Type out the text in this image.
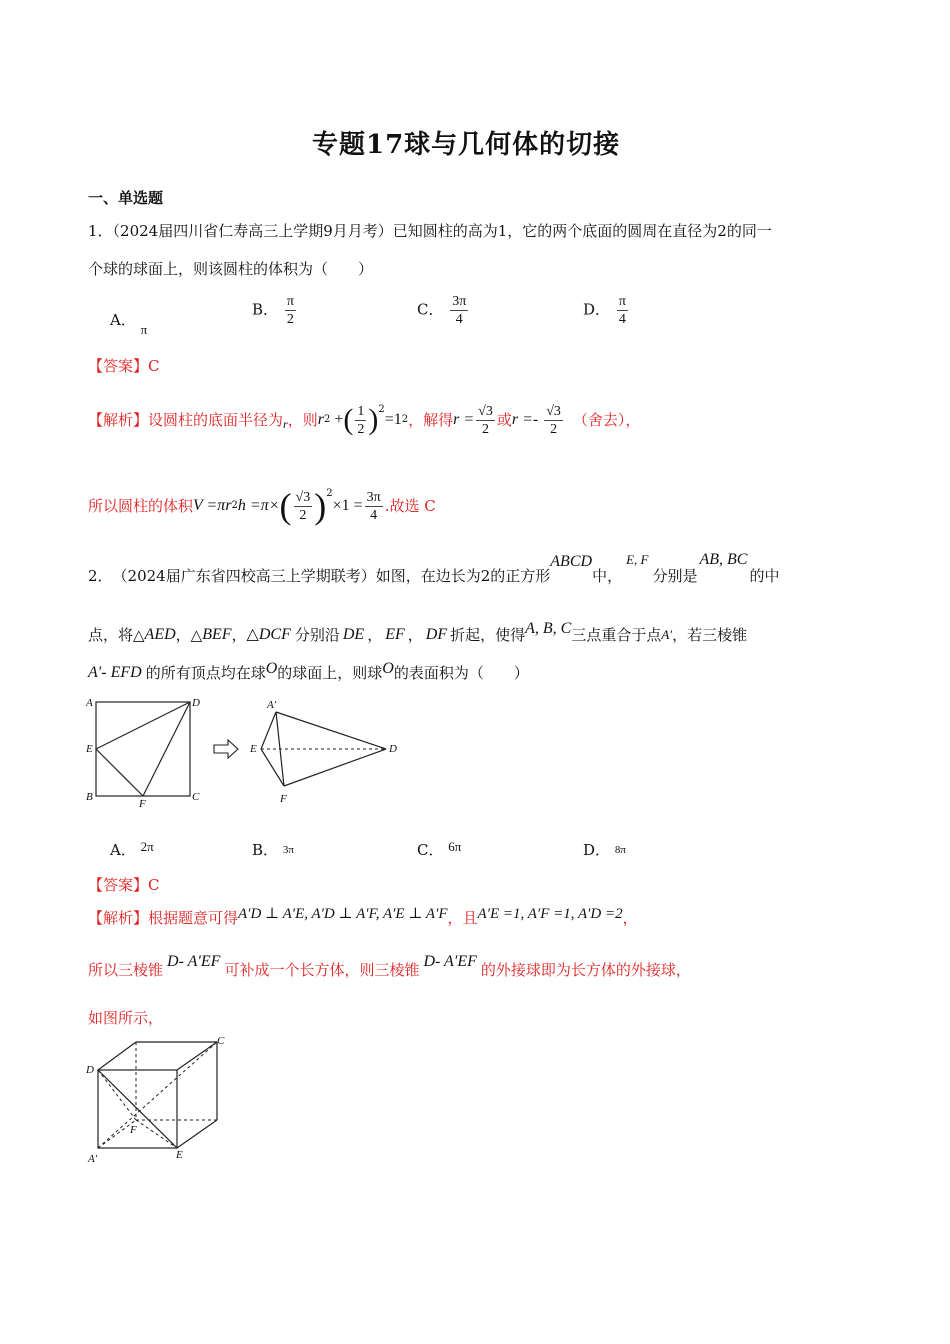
专题17球与几何体的切接
一、单选题
1．（2024届四川省仁寿高三上学期9月月考）已知圆柱的高为1，它的两个底面的圆周在直径为2的同一
个球的球面上，则该圆柱的体积为（　　）
A． π
B． $\frac{\pi}{2}$	C． $\frac{3\pi}{4}$	D． $\frac{\pi}{4}$
【答案】C
【解析】设圆柱的底面半径为 r ，则 r 2 + ( $\frac{1}{2} )^2$
=1 2 ，解得 $r = \frac{√3}{2}$ 或 $r =- \frac{√3}{2}$ （舍去），
所以圆柱的体积 V =πr 2 h =π× ( $\frac{√3}{2} )^2$
$\times 1 = \frac{3\pi}{4}$ .故选 C
2． （2024届广东省四校高三上学期联考）如图，在边长为2的正方形
ABCD
中，
E, F
分别是
AB, BC
的中
点，将△ AED ，△ BEF ， △DCF 分别沿 DE ， EF ， DF 折起，使得 A, B, C 三点重合于点 A′ ，若三棱锥
A′- EFD 的所有顶点均在球 O 的球面上，则球 O 的表面积为（　　）
A	D
E
B
F
C
A′
E	D
F
A． 2π	B． 3π	C． 6π	D． 8π
【答案】C
【解析】根据题意可得 A′D ⊥ A′E, A′D ⊥ A′F, A′E ⊥ A′F ，且 A′E =1, A′F =1, A′D =2 ，
所以三棱锥 D- A′EF 可补成一个长方体，则三棱锥 D- A′EF 的外接球即为长方体的外接球，
如图所示，
C
D
F
A′	E
